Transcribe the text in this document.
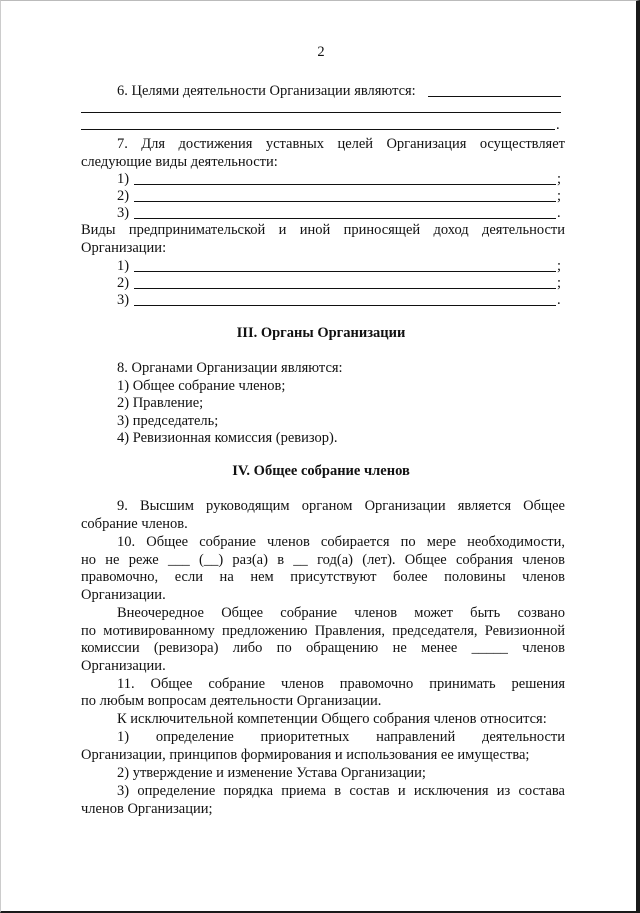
2
6. Целями деятельности Организации являются:
.
7. Для достижения уставных целей Организация осуществляет
следующие виды деятельности:
1)	;
2)	;
3)	.
Виды предпринимательской и иной приносящей доход деятельности
Организации:
1)	;
2)	;
3)	.
III. Органы Организации
8. Органами Организации являются:
1) Общее собрание членов;
2) Правление;
3) председатель;
4) Ревизионная комиссия (ревизор).
IV. Общее собрание членов
9. Высшим руководящим органом Организации является Общее
собрание членов.
10. Общее собрание членов собирается по мере необходимости,
но не реже ___ (__) раз(а) в __ год(а) (лет). Общее собрания членов
правомочно, если на нем присутствуют более половины членов
Организации.
Внеочередное Общее собрание членов может быть созвано
по мотивированному предложению Правления, председателя, Ревизионной
комиссии (ревизора) либо по обращению не менее _____ членов
Организации.
11. Общее собрание членов правомочно принимать решения
по любым вопросам деятельности Организации.
К исключительной компетенции Общего собрания членов относится:
1) определение приоритетных направлений деятельности
Организации, принципов формирования и использования ее имущества;
2) утверждение и изменение Устава Организации;
3) определение порядка приема в состав и исключения из состава
членов Организации;
